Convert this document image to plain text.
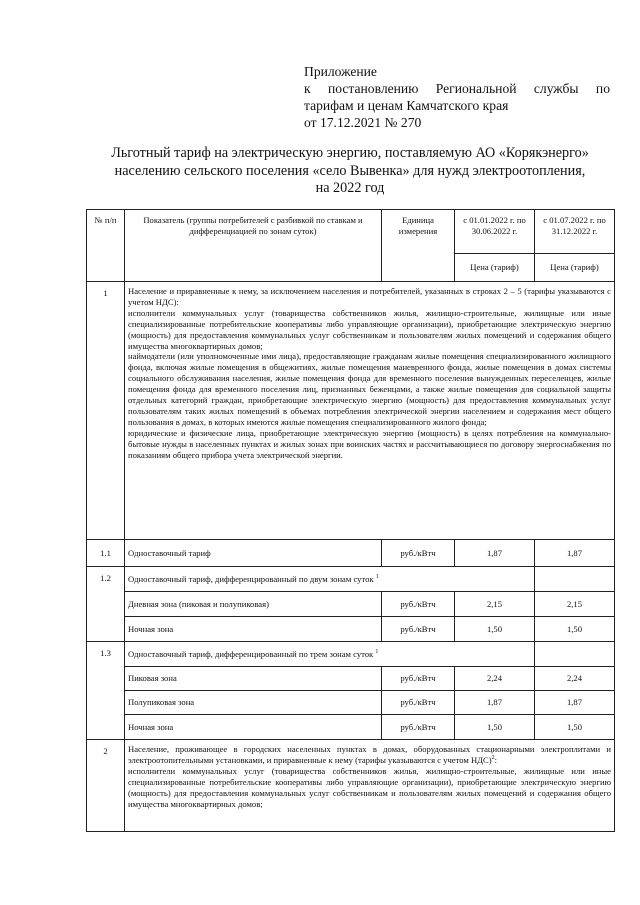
Приложение
к постановлению Региональной службы по
тарифам и ценам Камчатского края
от 17.12.2021 № 270
Льготный тариф на электрическую энергию, поставляемую АО «Корякэнерго»
населению сельского поселения «село Вывенка» для нужд электроотопления,
на 2022 год
№ п/п	Показатель (группы потребителей с разбивкой по ставкам и дифференциацией по зонам суток)	Единица измерения	с 01.01.2022 г. по 30.06.2022 г.	с 01.07.2022 г. по 31.12.2022 г.
			Цена (тариф)	Цена (тариф)
1	Население и приравненные к нему, за исключением населения и потребителей, указанных в строках 2 – 5 (тарифы указываются с учетом НДС):

исполнители коммунальных услуг (товарищества собственников жилья, жилищно-строительные, жилищные или иные специализированные потребительские кооперативы либо управляющие организации), приобретающие электрическую энергию (мощность) для предоставления коммунальных услуг собственникам и пользователям жилых помещений и содержания общего имущества многоквартирных домов;

наймодатели (или уполномоченные ими лица), предоставляющие гражданам жилые помещения специализированного жилищного фонда, включая жилые помещения в общежитиях, жилые помещения маневренного фонда, жилые помещения в домах системы социального обслуживания населения, жилые помещения фонда для временного поселения вынужденных переселенцев, жилые помещения фонда для временного поселения лиц, признанных беженцами, а также жилые помещения для социальной защиты отдельных категорий граждан, приобретающие электрическую энергию (мощность) для предоставления коммунальных услуг пользователям таких жилых помещений в объемах потребления электрической энергии населением и содержания мест общего пользования в домах, в которых имеются жилые помещения специализированного жилого фонда;

юридические и физические лица, приобретающие электрическую энергию (мощность) в целях потребления на коммунально-бытовые нужды в населенных пунктах и жилых зонах при воинских частях и рассчитывающиеся по договору энергоснабжения по показаниям общего прибора учета электрической энергии.			

1.1	Одноставочный тариф	руб./кВтч	1,87	1,87
1.2	Одноставочный тариф, дифференцированный по двум зонам суток $^1$	
	Дневная зона (пиковая и полупиковая)	руб./кВтч	2,15	2,15
	Ночная зона	руб./кВтч	1,50	1,50
1.3	Одноставочный тариф, дифференцированный по трем зонам суток $^1$	
	Пиковая зона	руб./кВтч	2,24	2,24
	Полупиковая зона	руб./кВтч	1,87	1,87
	Ночная зона	руб./кВтч	1,50	1,50
2	Население, проживающее в городских населенных пунктах в домах, оборудованных стационарными электроплитами и электроотопительными установками, и приравненные к нему (тарифы указываются с учетом НДС)$^2$:

исполнители коммунальных услуг (товарищества собственников жилья, жилищно-строительные, жилищные или иные специализированные потребительские кооперативы либо управляющие организации), приобретающие электрическую энергию (мощность) для предоставления коммунальных услуг собственникам и пользователям жилых помещений и содержания общего имущества многоквартирных домов;			
